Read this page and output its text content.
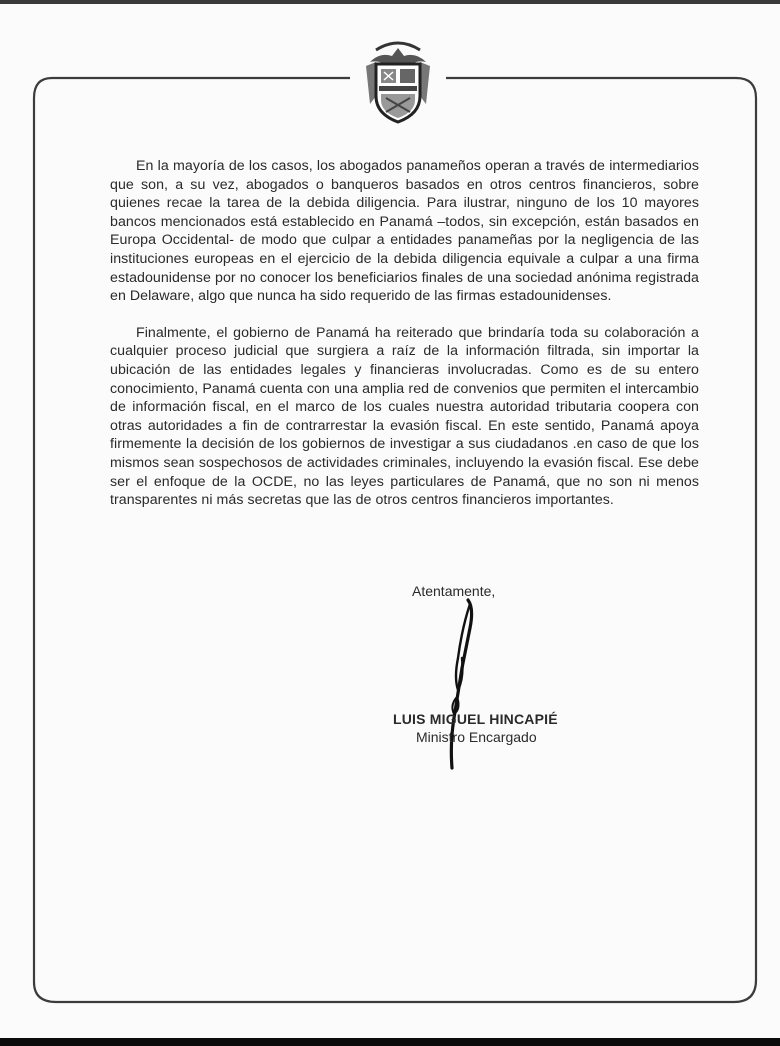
En la mayoría de los casos, los abogados panameños operan a través de intermediarios que son, a su vez, abogados o banqueros basados en otros centros financieros, sobre quienes recae la tarea de la debida diligencia. Para ilustrar, ninguno de los 10 mayores bancos mencionados está establecido en Panamá –todos, sin excepción, están basados en Europa Occidental- de modo que culpar a entidades panameñas por la negligencia de las instituciones europeas en el ejercicio de la debida diligencia equivale a culpar a una firma estadounidense por no conocer los beneficiarios finales de una sociedad anónima registrada en Delaware, algo que nunca ha sido requerido de las firmas estadounidenses.

Finalmente, el gobierno de Panamá ha reiterado que brindaría toda su colaboración a cualquier proceso judicial que surgiera a raíz de la información filtrada, sin importar la ubicación de las entidades legales y financieras involucradas. Como es de su entero conocimiento, Panamá cuenta con una amplia red de convenios que permiten el intercambio de información fiscal, en el marco de los cuales nuestra autoridad tributaria coopera con otras autoridades a fin de contrarrestar la evasión fiscal. En este sentido, Panamá apoya firmemente la decisión de los gobiernos de investigar a sus ciudadanos .en caso de que los mismos sean sospechosos de actividades criminales, incluyendo la evasión fiscal. Ese debe ser el enfoque de la OCDE, no las leyes particulares de Panamá, que no son ni menos transparentes ni más secretas que las de otros centros financieros importantes.

Atentamente,
LUIS MIGUEL HINCAPIÉ
Ministro Encargado
